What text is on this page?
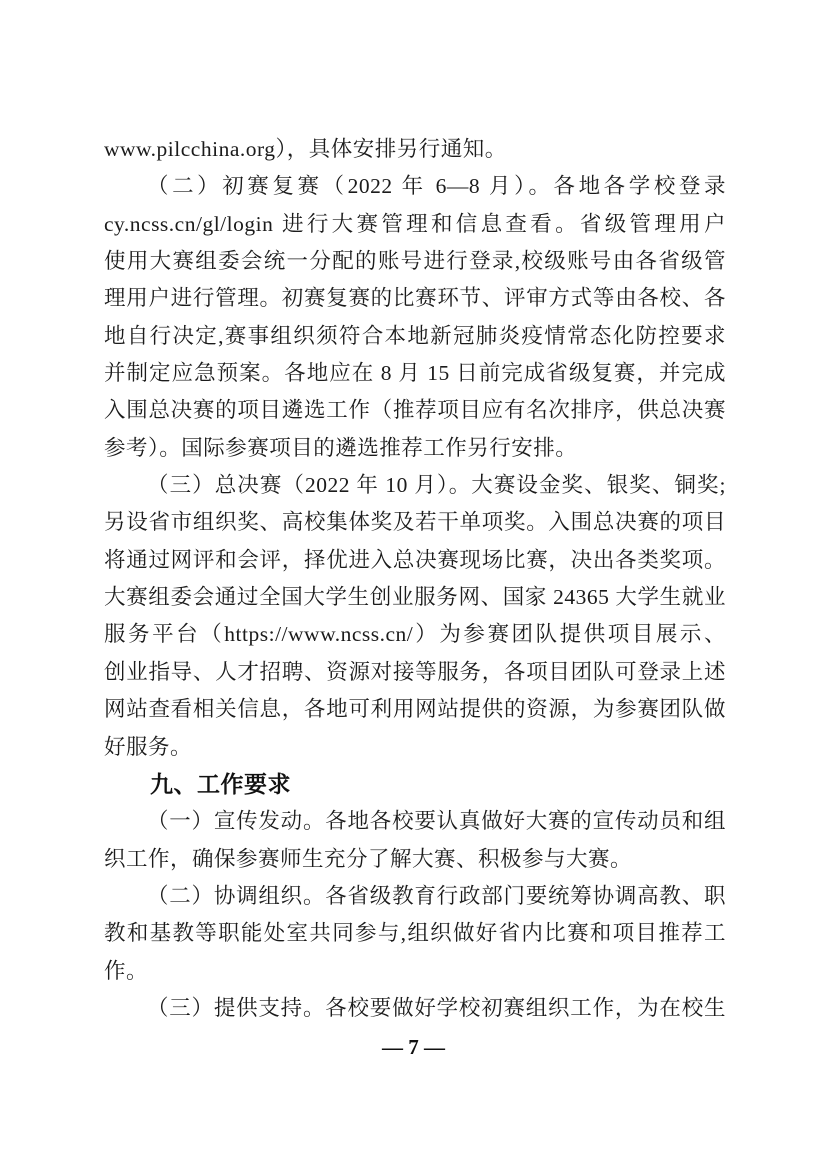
www.pilcchina.org），具体安排另行通知。
（二）初赛复赛（2022 年 6—8 月）。各地各学校登录
cy.ncss.cn/gl/login 进行大赛管理和信息查看。省级管理用户
使用大赛组委会统一分配的账号进行登录,校级账号由各省级管
理用户进行管理。初赛复赛的比赛环节、评审方式等由各校、各
地自行决定,赛事组织须符合本地新冠肺炎疫情常态化防控要求
并制定应急预案。各地应在 8 月 15 日前完成省级复赛，并完成
入围总决赛的项目遴选工作（推荐项目应有名次排序，供总决赛
参考）。国际参赛项目的遴选推荐工作另行安排。
（三）总决赛（2022 年 10 月）。大赛设金奖、银奖、铜奖;
另设省市组织奖、高校集体奖及若干单项奖。入围总决赛的项目
将通过网评和会评，择优进入总决赛现场比赛，决出各类奖项。
大赛组委会通过全国大学生创业服务网、国家 24365 大学生就业
服务平台（https://www.ncss.cn/）为参赛团队提供项目展示、
创业指导、人才招聘、资源对接等服务，各项目团队可登录上述
网站查看相关信息，各地可利用网站提供的资源，为参赛团队做
好服务。
九、工作要求
（一）宣传发动。各地各校要认真做好大赛的宣传动员和组
织工作，确保参赛师生充分了解大赛、积极参与大赛。
（二）协调组织。各省级教育行政部门要统筹协调高教、职
教和基教等职能处室共同参与,组织做好省内比赛和项目推荐工
作。
（三）提供支持。各校要做好学校初赛组织工作，为在校生
— 7 —
